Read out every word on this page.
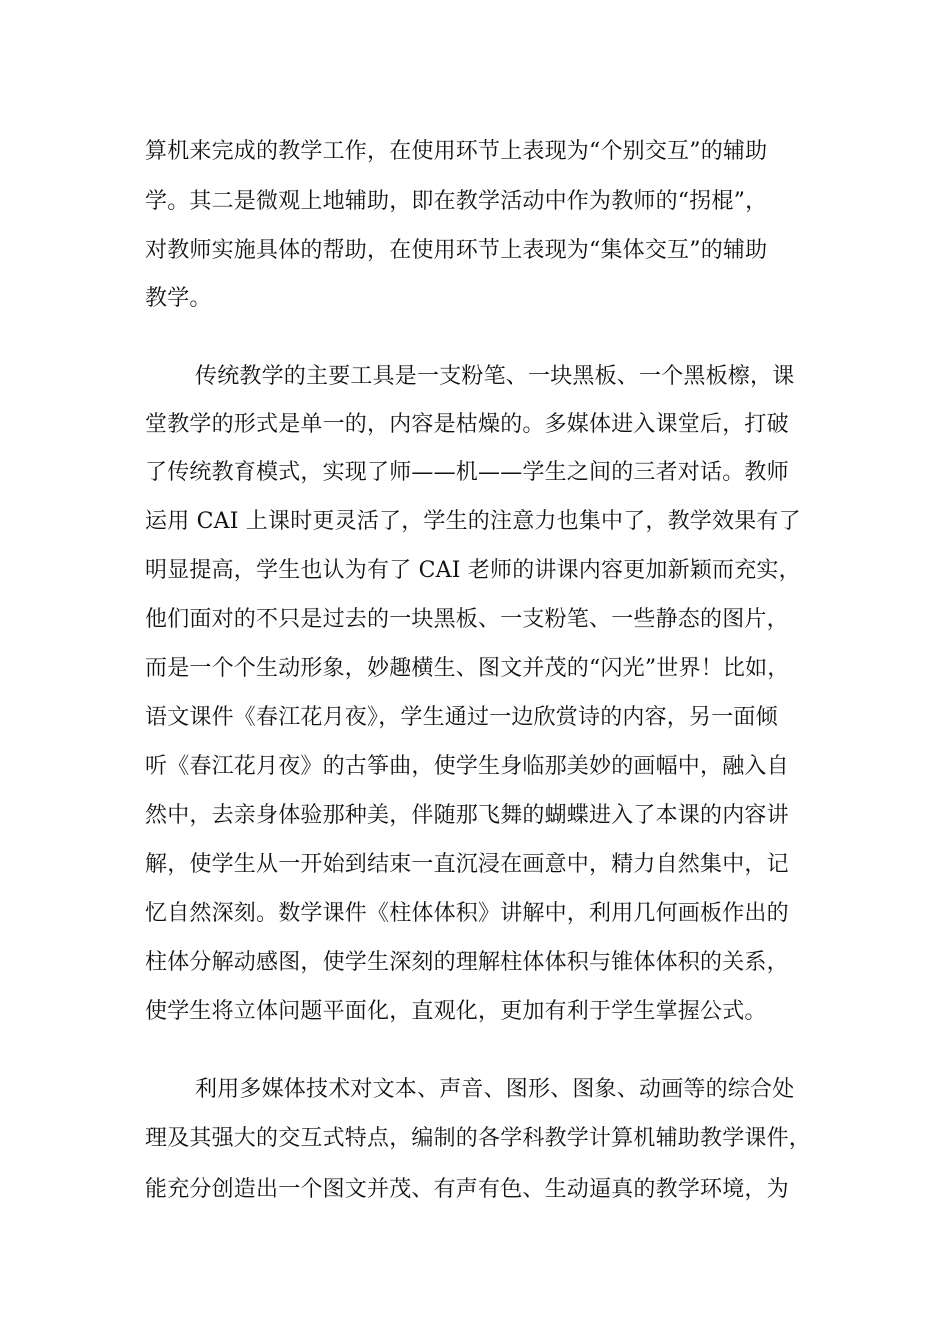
算机来完成的教学工作，在使用环节上表现为“个别交互”的辅助
学。其二是微观上地辅助，即在教学活动中作为教师的“拐棍”，
对教师实施具体的帮助，在使用环节上表现为“集体交互”的辅助
教学。
传统教学的主要工具是一支粉笔、一块黑板、一个黑板檫，课
堂教学的形式是单一的，内容是枯燥的。多媒体进入课堂后，打破
了传统教育模式，实现了师——机——学生之间的三者对话。教师
运用 CAI 上课时更灵活了，学生的注意力也集中了，教学效果有了
明显提高，学生也认为有了 CAI 老师的讲课内容更加新颖而充实，
他们面对的不只是过去的一块黑板、一支粉笔、一些静态的图片，
而是一个个生动形象，妙趣横生、图文并茂的“闪光”世界！比如，
语文课件《春江花月夜》，学生通过一边欣赏诗的内容，另一面倾
听《春江花月夜》的古筝曲，使学生身临那美妙的画幅中，融入自
然中，去亲身体验那种美，伴随那飞舞的蝴蝶进入了本课的内容讲
解，使学生从一开始到结束一直沉浸在画意中，精力自然集中，记
忆自然深刻。数学课件《柱体体积》讲解中，利用几何画板作出的
柱体分解动感图，使学生深刻的理解柱体体积与锥体体积的关系，
使学生将立体问题平面化，直观化，更加有利于学生掌握公式。
利用多媒体技术对文本、声音、图形、图象、动画等的综合处
理及其强大的交互式特点，编制的各学科教学计算机辅助教学课件，
能充分创造出一个图文并茂、有声有色、生动逼真的教学环境，为
